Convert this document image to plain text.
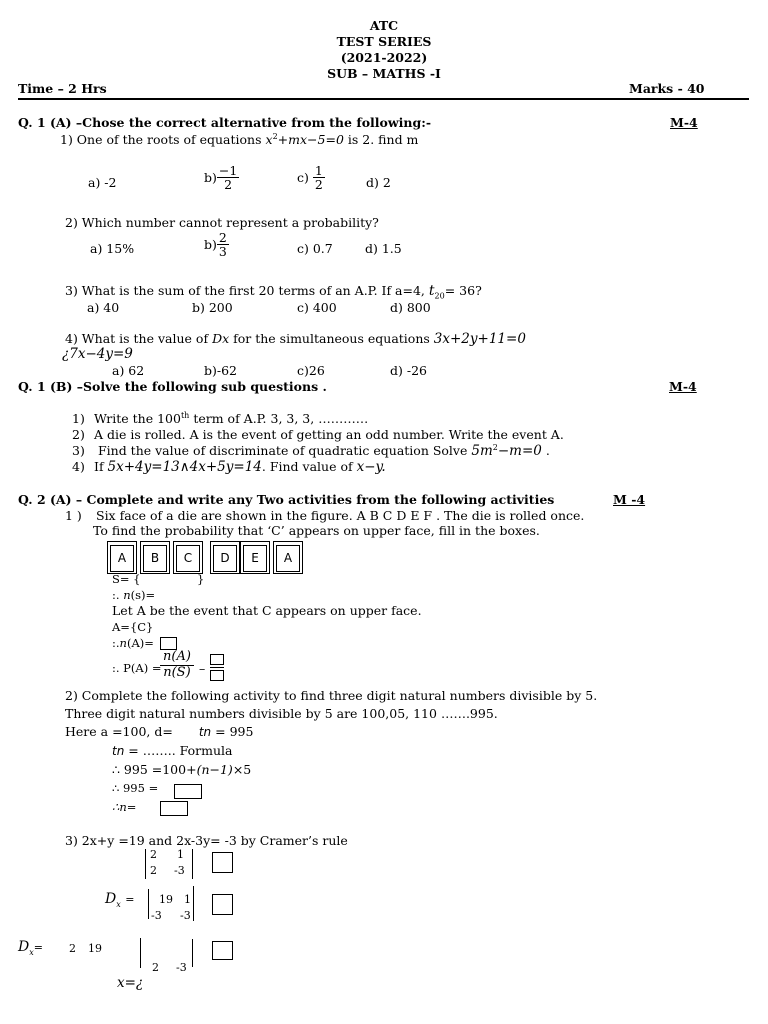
ATC
TEST SERIES
(2021-2022)
SUB – MATHS -I
Time – 2 Hrs	Marks - 40
Q. 1 (A) –Chose the correct alternative from the following:-	M-4
1) One of the roots of equations $x^2+mx-5=0$ is 2. find m
a) -2	$b) \frac{-1}{2}$	$c) \frac{1}{2}$	d) 2
2) Which number cannot represent a probability?
a) 15%	$b) \frac{2}{3}$	c) 0.7	d) 1.5
3) What is the sum of the first 20 terms of an A.P. If a=4, $t_{20}= 36$?
a) 40	b) 200	c) 400	d) 800
4) What is the value of Dx for the simultaneous equations 3x+2y+11=0
¿7x−4y=9
a) 62	b)-62	c)26	d) -26
Q. 1 (B) –Solve the following sub questions .	M-4
1) Write the 100th term of A.P. 3, 3, 3, …………
2) A die is rolled. A is the event of getting an odd number. Write the event A.
3) Find the value of discriminate of quadratic equation Solve $5m^2-m=0$ .
4) If 5x+4y=13∧4x+5y=14. Find value of x−y.
Q. 2 (A) – Complete and write any Two activities from the following activities	M -4
1 ) Six face of a die are shown in the figure. A B C D E F . The die is rolled once.
To find the probability that ‘C’ appears on upper face, fill in the boxes.
A	B	C	D	E	A
S= {	}
:. n(s)=
Let A be the event that C appears on upper face.
A={C}
:.n(A)=
:. P(A) =
n(A)
n(S) –
2) Complete the following activity to find three digit natural numbers divisible by 5.
Three digit natural numbers divisible by 5 are 100,05, 110 …….995.
Here a =100, d= tn = 995
tn = …….. Formula
∴ 995 =100+(n−1)×5
∴ 995 =
∴n=
3) 2x+y =19 and 2x-3y= -3 by Cramer’s rule
2 1
2 -3
$D_x = 19$ 1
-3 -3
$D_x= 2$ 19
2 -3
x=¿
